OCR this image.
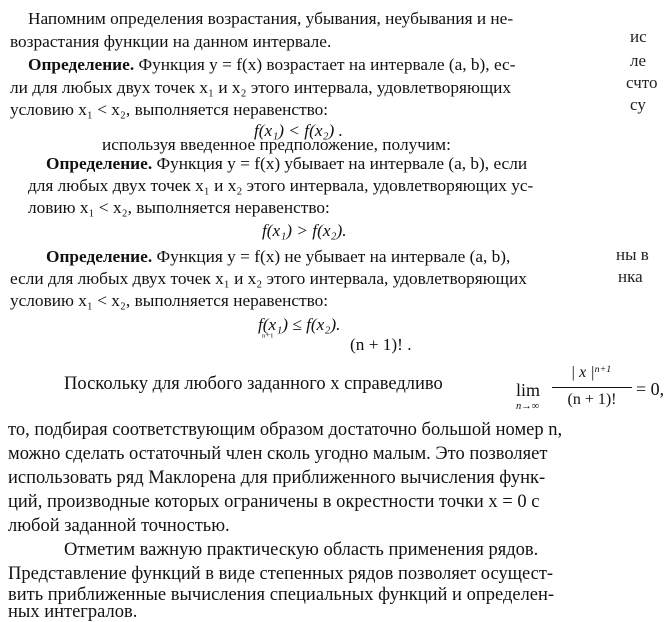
Напомним определения возрастания, убывания, неубывания и не-
возрастания функции на данном интервале.
Определение. Функция y = f(x) возрастает на интервале (a, b), ес-
ли для любых двух точек x₁ и x₂ этого интервала, удовлетворяющих
условию x₁ < x₂, выполняется неравенство:
f(x₁) < f(x₂) .
используя введенное предположение, получим:
Определение. Функция y = f(x) убывает на интервале (a, b), если
для любых двух точек x₁ и x₂ этого интервала, удовлетворяющих ус-
ловию x₁ < x₂, выполняется неравенство:
f(x₁) > f(x₂).
Определение. Функция y = f(x) не убывает на интервале (a, b),
если для любых двух точек x₁ и x₂ этого интервала, удовлетворяющих
условию x₁ < x₂, выполняется неравенство:
f(x₁) ≤ f(x₂).
ⁿ⁺¹	(n + 1)! .
ис
ле
счто
су
ны в
нка
Поскольку для любого заданного x справедливо	lim
n→∞
| x $|^{n+1}$
(n + 1)!
= 0,
то, подбирая соответствующим образом достаточно большой номер n,
можно сделать остаточный член сколь угодно малым. Это позволяет
использовать ряд Маклорена для приближенного вычисления функ-
ций, производные которых ограничены в окрестности точки x = 0 с
любой заданной точностью.
Отметим важную практическую область применения рядов.
Представление функций в виде степенных рядов позволяет осущест-
вить приближенные вычисления специальных функций и определен-
ных интегралов.
